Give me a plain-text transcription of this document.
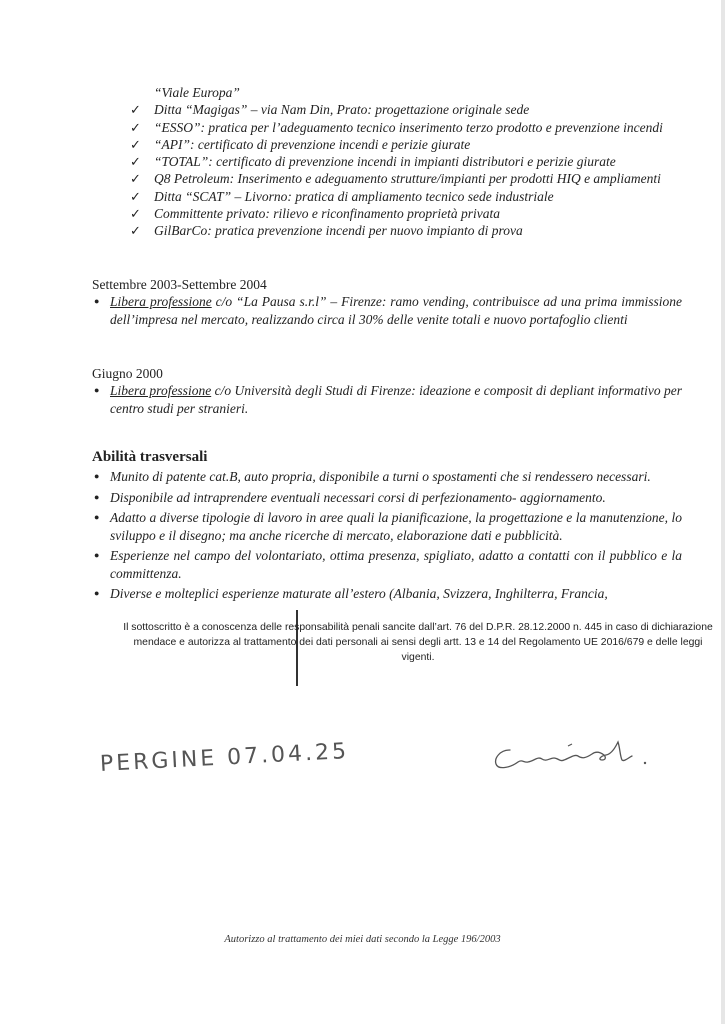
“Viale Europa”
✓ Ditta “Magigas” – via Nam Din, Prato: progettazione originale sede
✓ “ESSO”: pratica per l’adeguamento tecnico inserimento terzo prodotto e prevenzione incendi
✓ “API”: certificato di prevenzione incendi e perizie giurate
✓ “TOTAL”: certificato di prevenzione incendi in impianti distributori e perizie giurate
✓ Q8 Petroleum: Inserimento e adeguamento strutture/impianti per prodotti HIQ e ampliamenti
✓ Ditta “SCAT” – Livorno: pratica di ampliamento tecnico sede industriale
✓ Committente privato: rilievo e riconfinamento proprietà privata
✓ GilBarCo: pratica prevenzione incendi per nuovo impianto di prova
Settembre 2003-Settembre 2004
● Libera professione c/o “La Pausa s.r.l” – Firenze: ramo vending, contribuisce ad una prima immissione dell’impresa nel mercato, realizzando circa il 30% delle venite totali e nuovo portafoglio clienti
Giugno 2000
● Libera professione c/o Università degli Studi di Firenze: ideazione e composit di depliant informativo per centro studi per stranieri.
Abilità trasversali
● Munito di patente cat.B, auto propria, disponibile a turni o spostamenti che si rendessero necessari.
● Disponibile ad intraprendere eventuali necessari corsi di perfezionamento- aggiornamento.
● Adatto a diverse tipologie di lavoro in aree quali la pianificazione, la progettazione e la manutenzione, lo sviluppo e il disegno; ma anche ricerche di mercato, elaborazione dati e pubblicità.
● Esperienze nel campo del volontariato, ottima presenza, spigliato, adatto a contatti con il pubblico e la committenza.
● Diverse e molteplici esperienze maturate all’estero (Albania, Svizzera, Inghilterra, Francia,
Il sottoscritto è a conoscenza delle responsabilità penali sancite dall’art. 76 del D.P.R. 28.12.2000 n. 445 in caso di dichiarazione mendace e autorizza al trattamento dei dati personali ai sensi degli artt. 13 e 14 del Regolamento UE 2016/679 e delle leggi vigenti.
PERGINE 07.04.25
Autorizzo al trattamento dei miei dati secondo la Legge 196/2003
